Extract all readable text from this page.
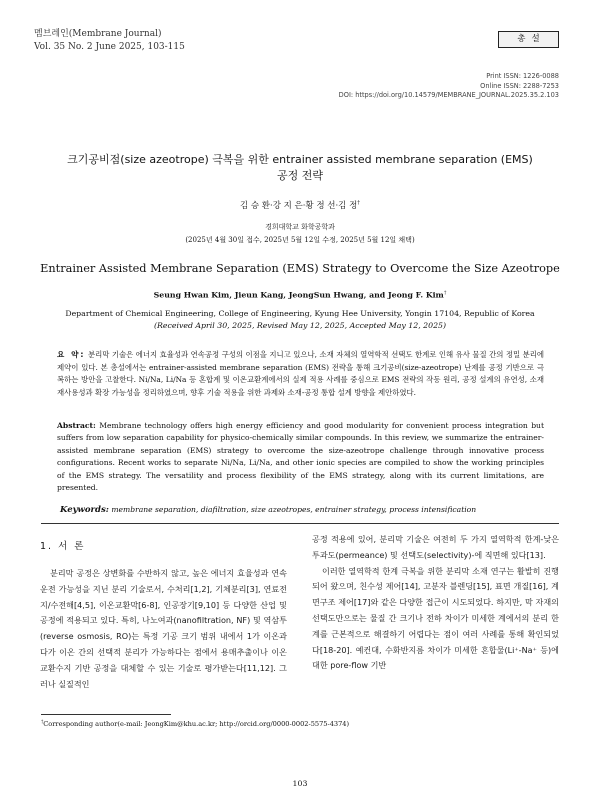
멤브레인(Membrane Journal)
Vol. 35 No. 2 June 2025, 103-115
총설
Print ISSN: 1226-0088
Online ISSN: 2288-7253
DOI: https://doi.org/10.14579/MEMBRANE_JOURNAL.2025.35.2.103
크기공비점(size azeotrope) 극복을 위한 entrainer assisted membrane separation (EMS)
공정 전략
김 승 환·강 지 은·황 정 선·김 정†
경희대학교 화학공학과
(2025년 4월 30일 접수, 2025년 5월 12일 수정, 2025년 5월 12일 채택)
Entrainer Assisted Membrane Separation (EMS) Strategy to Overcome the Size Azeotrope
Seung Hwan Kim, Jieun Kang, JeongSun Hwang, and Jeong F. Kim†
Department of Chemical Engineering, College of Engineering, Kyung Hee University, Yongin 17104, Republic of Korea
(Received April 30, 2025, Revised May 12, 2025, Accepted May 12, 2025)
요 약: 분리막 기술은 에너지 효율성과 연속공정 구성의 이점을 지니고 있으나, 소재 자체의 열역학적 선택도 한계로 인해 유사 물질 간의 정밀 분리에 제약이 있다. 본 총설에서는 entrainer-assisted membrane separation (EMS) 전략을 통해 크기공비(size-azeotrope) 난제를 공정 기반으로 극복하는 방안을 고찰한다. Ni/Na, Li/Na 등 혼합계 및 이온교환계에서의 실제 적용 사례를 중심으로 EMS 전략의 작동 원리, 공정 설계의 유연성, 소재 재사용성과 확장 가능성을 정리하였으며, 향후 기술 적용을 위한 과제와 소재-공정 통합 설계 방향을 제안하였다.
Abstract: Membrane technology offers high energy efficiency and good modularity for convenient process integration but suffers from low separation capability for physico-chemically similar compounds. In this review, we summarize the entrainer-assisted membrane separation (EMS) strategy to overcome the size-azeotrope challenge through innovative process configurations. Recent works to separate Ni/Na, Li/Na, and other ionic species are compiled to show the working principles of the EMS strategy. The versatility and process flexibility of the EMS strategy, along with its current limitations, are presented.
Keywords: membrane separation, diafiltration, size azeotropes, entrainer strategy, process intensification
1. 서 론

분리막 공정은 상변화를 수반하지 않고, 높은 에너지 효율성과 연속운전 가능성을 지닌 분리 기술로서, 수처리[1,2], 기체분리[3], 연료전지/수전해[4,5], 이온교환막[6-8], 인공장기[9,10] 등 다양한 산업 및 공정에 적용되고 있다. 특히, 나노여과(nanofiltration, NF) 및 역삼투(reverse osmosis, RO)는 특정 기공 크기 범위 내에서 1가 이온과 다가 이온 간의 선택적 분리가 가능하다는 점에서 용매추출이나 이온교환수지 기반 공정을 대체할 수 있는 기술로 평가받는다[11,12]. 그러나 실질적인

공정 적용에 있어, 분리막 기술은 여전히 두 가지 열역학적 한계-낮은 투과도(permeance) 및 선택도(selectivity)-에 직면해 있다[13].

이러한 열역학적 한계 극복을 위한 분리막 소재 연구는 활발히 진행되어 왔으며, 친수성 제어[14], 고분자 블렌딩[15], 표면 개질[16], 계면구조 제어[17]와 같은 다양한 접근이 시도되었다. 하지만, 막 자재의 선택도만으로는 물질 간 크기나 전하 차이가 미세한 계에서의 분리 한계를 근본적으로 해결하기 어렵다는 점이 여러 사례를 통해 확인되었다[18-20]. 예컨대, 수화반지름 차이가 미세한 혼합물(Li⁺-Na⁺ 등)에 대한 pore-flow 기반

†Corresponding author(e-mail: JeongKim@khu.ac.kr; http://orcid.org/0000-0002-5575-4374)
103
